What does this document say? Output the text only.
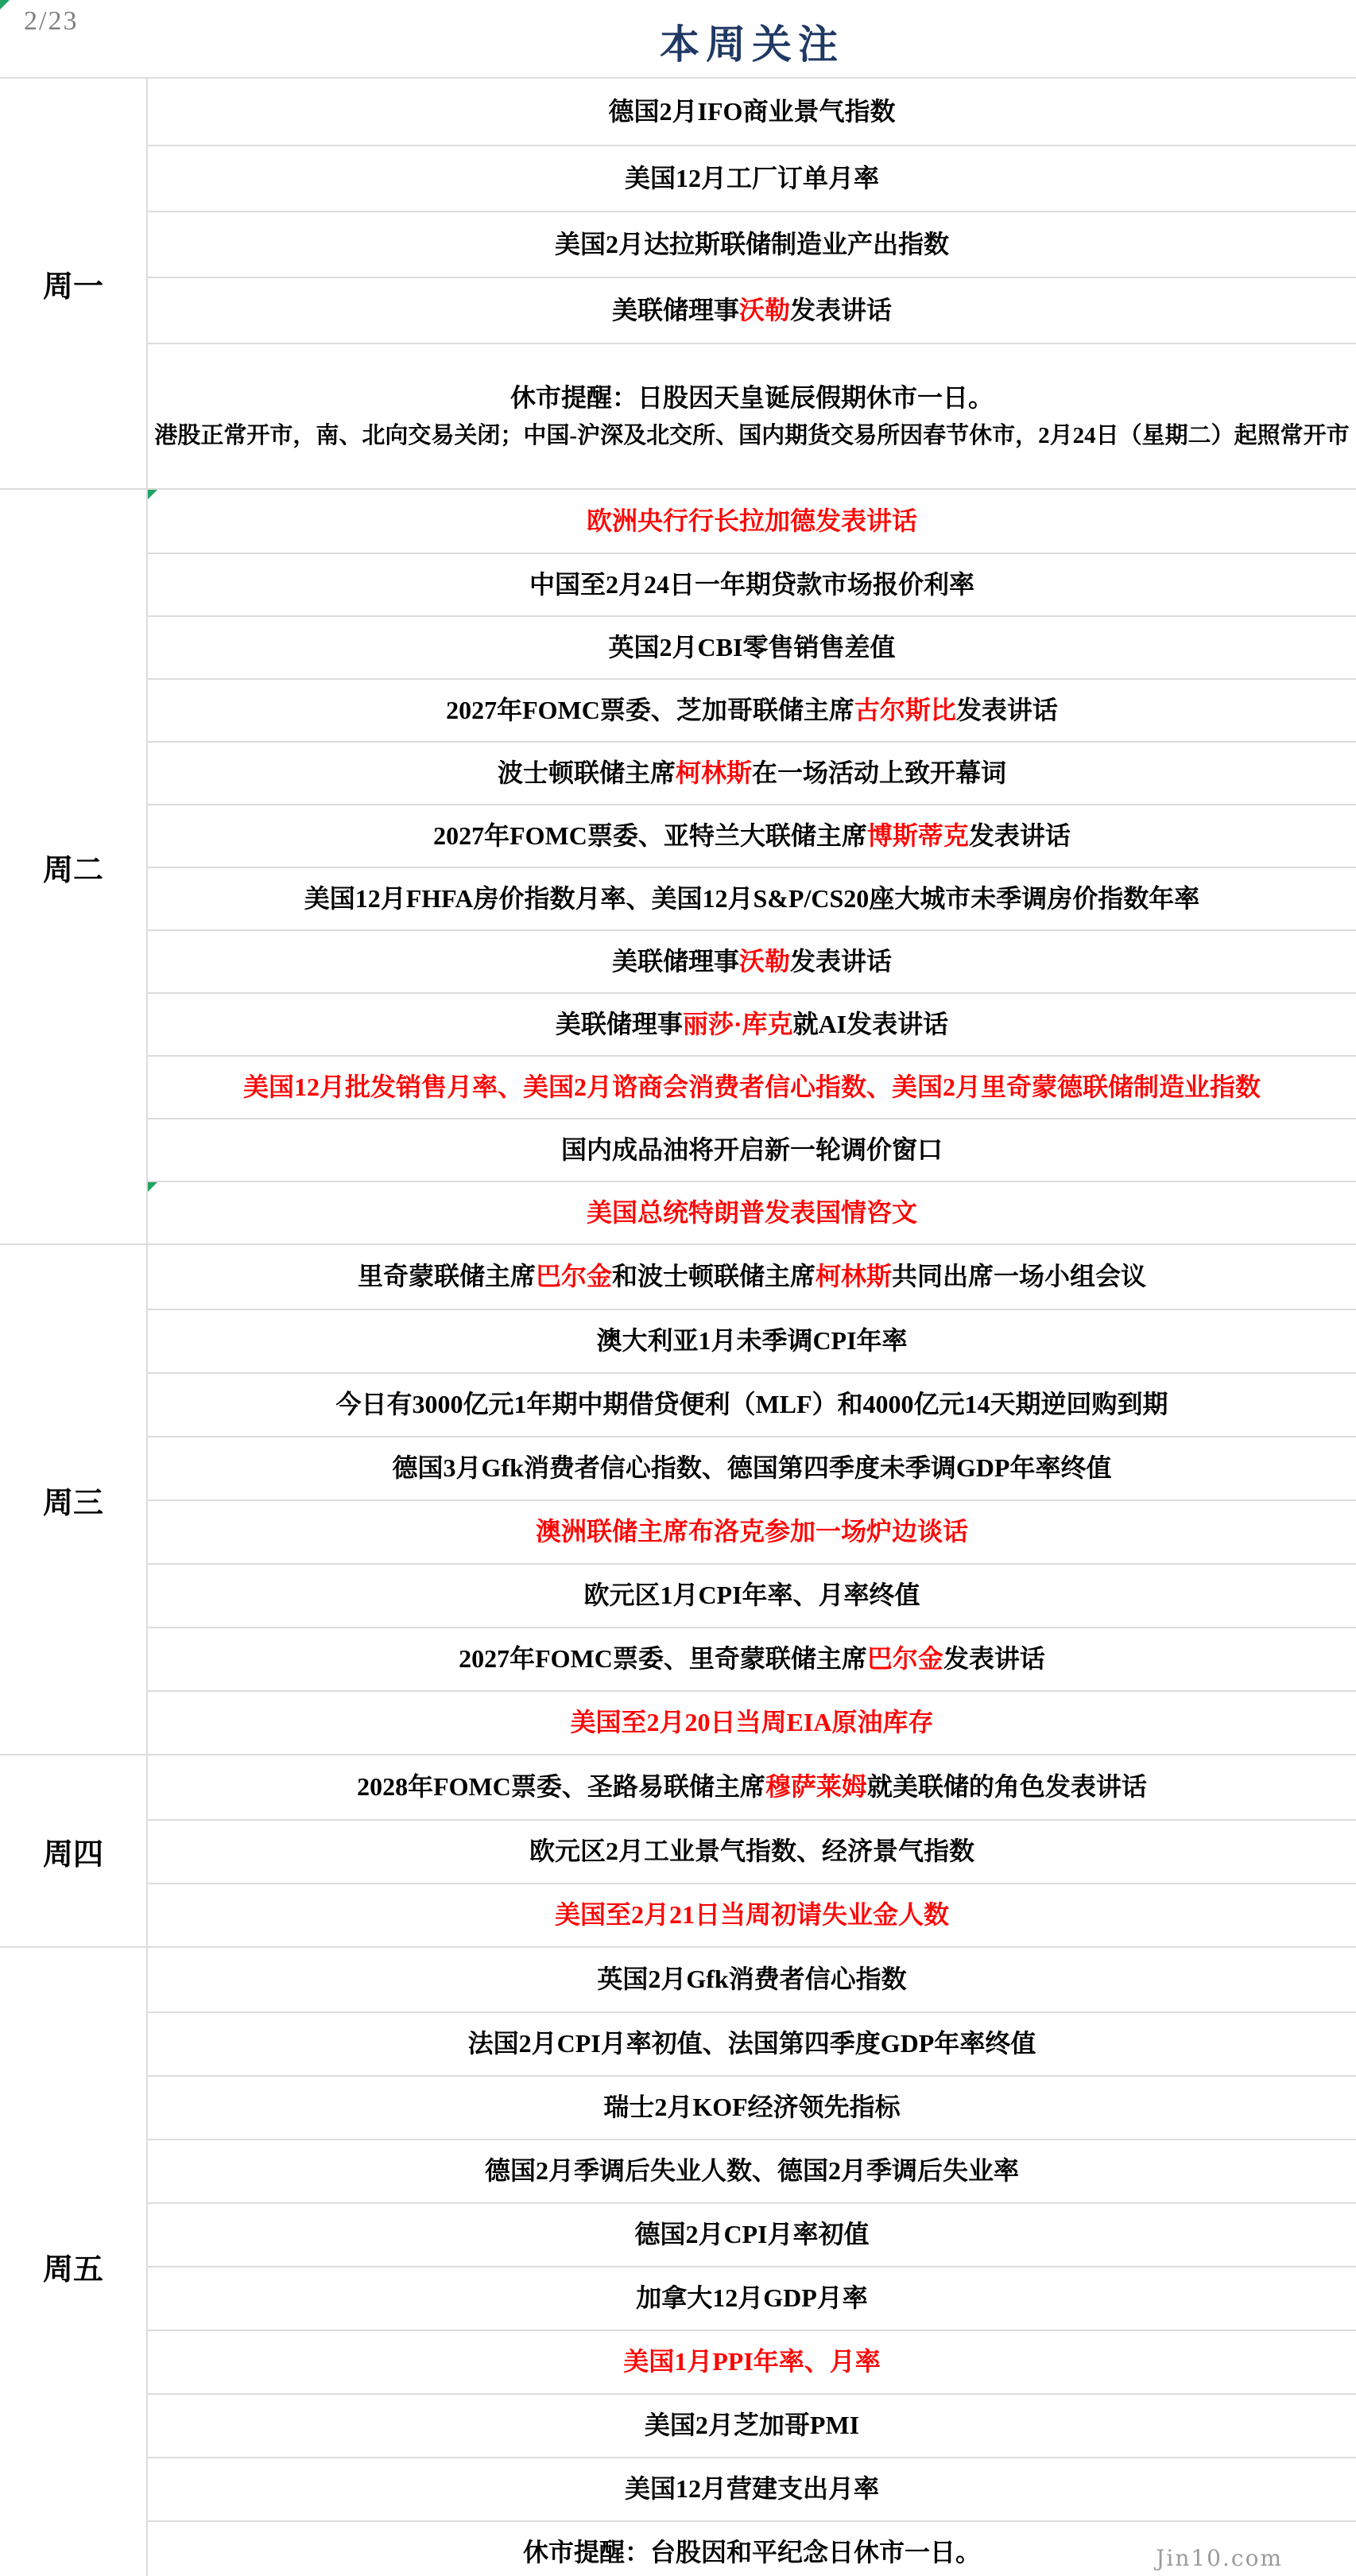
2/23
本周关注
周一
德国2月IFO商业景气指数
美国12月工厂订单月率
美国2月达拉斯联储制造业产出指数
美联储理事沃勒发表讲话
休市提醒：日股因天皇诞辰假期休市一日。
港股正常开市，南、北向交易关闭；中国-沪深及北交所、国内期货交易所因春节休市，2月24日（星期二）起照常开市
周二
欧洲央行行长拉加德发表讲话
中国至2月24日一年期贷款市场报价利率
英国2月CBI零售销售差值
2027年FOMC票委、芝加哥联储主席古尔斯比发表讲话
波士顿联储主席柯林斯在一场活动上致开幕词
2027年FOMC票委、亚特兰大联储主席博斯蒂克发表讲话
美国12月FHFA房价指数月率、美国12月S&P/CS20座大城市未季调房价指数年率
美联储理事沃勒发表讲话
美联储理事丽莎·库克就AI发表讲话
美国12月批发销售月率、美国2月谘商会消费者信心指数、美国2月里奇蒙德联储制造业指数
国内成品油将开启新一轮调价窗口
美国总统特朗普发表国情咨文
周三
里奇蒙联储主席巴尔金和波士顿联储主席柯林斯共同出席一场小组会议
澳大利亚1月未季调CPI年率
今日有3000亿元1年期中期借贷便利（MLF）和4000亿元14天期逆回购到期
德国3月Gfk消费者信心指数、德国第四季度未季调GDP年率终值
澳洲联储主席布洛克参加一场炉边谈话
欧元区1月CPI年率、月率终值
2027年FOMC票委、里奇蒙联储主席巴尔金发表讲话
美国至2月20日当周EIA原油库存
周四
2028年FOMC票委、圣路易联储主席穆萨莱姆就美联储的角色发表讲话
欧元区2月工业景气指数、经济景气指数
美国至2月21日当周初请失业金人数
周五
英国2月Gfk消费者信心指数
法国2月CPI月率初值、法国第四季度GDP年率终值
瑞士2月KOF经济领先指标
德国2月季调后失业人数、德国2月季调后失业率
德国2月CPI月率初值
加拿大12月GDP月率
美国1月PPI年率、月率
美国2月芝加哥PMI
美国12月营建支出月率
休市提醒：台股因和平纪念日休市一日。	Jin10.com
